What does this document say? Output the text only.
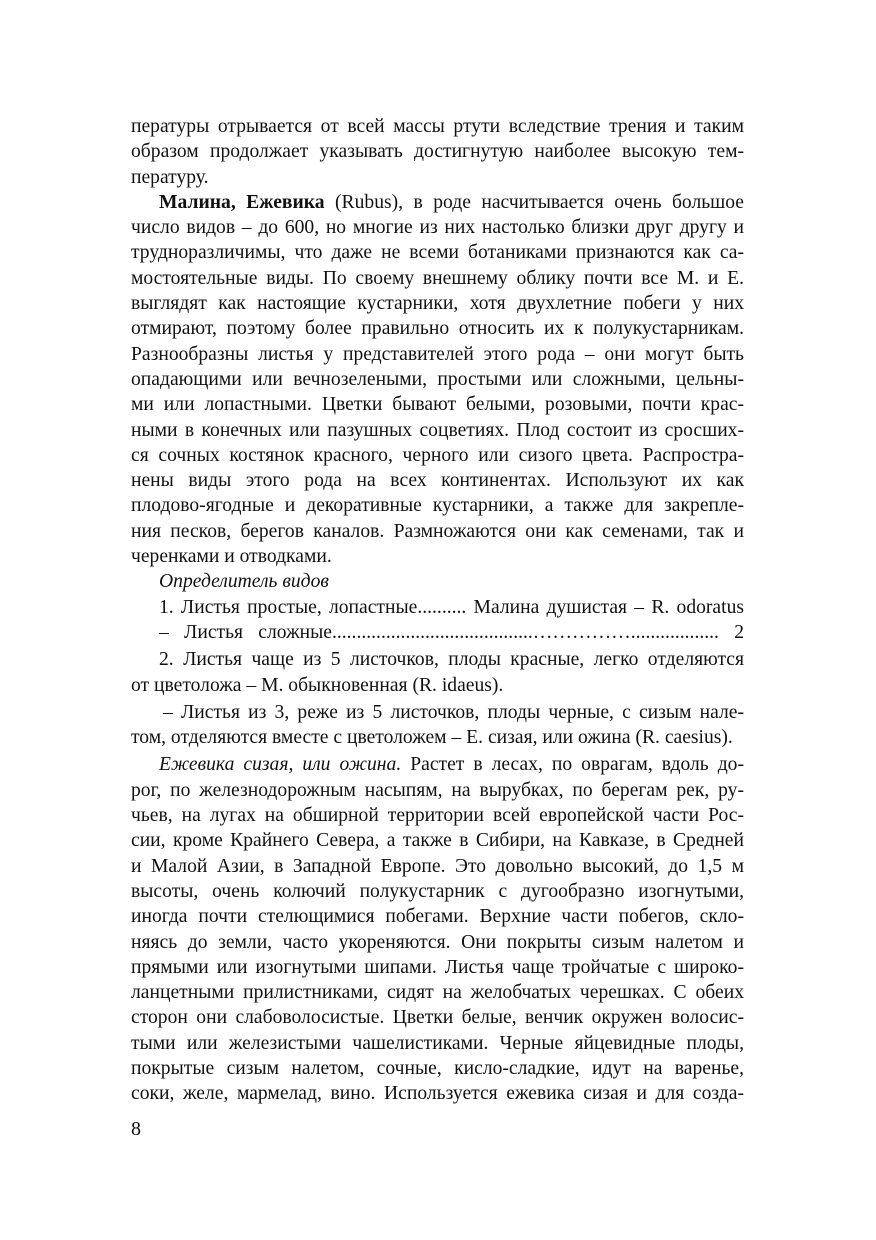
пературы отрывается от всей массы ртути вследствие трения и таким
образом продолжает указывать достигнутую наиболее высокую тем-
пературу.
Малина, Ежевика (Rubus), в роде насчитывается очень большое
число видов – до 600, но многие из них настолько близки друг другу и
трудноразличимы, что даже не всеми ботаниками признаются как са-
мостоятельные виды. По своему внешнему облику почти все М. и Е.
выглядят как настоящие кустарники, хотя двухлетние побеги у них
отмирают, поэтому более правильно относить их к полукустарникам.
Разнообразны листья у представителей этого рода – они могут быть
опадающими или вечнозелеными, простыми или сложными, цельны-
ми или лопастными. Цветки бывают белыми, розовыми, почти крас-
ными в конечных или пазушных соцветиях. Плод состоит из сросших-
ся сочных костянок красного, черного или сизого цвета. Распростра-
нены виды этого рода на всех континентах. Используют их как
плодово-ягодные и декоративные кустарники, а также для закрепле-
ния песков, берегов каналов. Размножаются они как семенами, так и
черенками и отводками.
Определитель видов
1. Листья простые, лопастные.......... Малина душистая – R. odoratus
– Листья сложные.........................................…………….................. 2
2. Листья чаще из 5 листочков, плоды красные, легко отделяются
от цветоложа – М. обыкновенная (R. idaeus).
– Листья из 3, реже из 5 листочков, плоды черные, с сизым нале-
том, отделяются вместе с цветоложем – Е. сизая, или ожина (R. caesius).
Ежевика сизая, или ожина. Растет в лесах, по оврагам, вдоль до-
рог, по железнодорожным насыпям, на вырубках, по берегам рек, ру-
чьев, на лугах на обширной территории всей европейской части Рос-
сии, кроме Крайнего Севера, а также в Сибири, на Кавказе, в Средней
и Малой Азии, в Западной Европе. Это довольно высокий, до 1,5 м
высоты, очень колючий полукустарник с дугообразно изогнутыми,
иногда почти стелющимися побегами. Верхние части побегов, скло-
няясь до земли, часто укореняются. Они покрыты сизым налетом и
прямыми или изогнутыми шипами. Листья чаще тройчатые с широко-
ланцетными прилистниками, сидят на желобчатых черешках. С обеих
сторон они слабоволосистые. Цветки белые, венчик окружен волосис-
тыми или железистыми чашелистиками. Черные яйцевидные плоды,
покрытые сизым налетом, сочные, кисло-сладкие, идут на варенье,
соки, желе, мармелад, вино. Используется ежевика сизая и для созда-
8
